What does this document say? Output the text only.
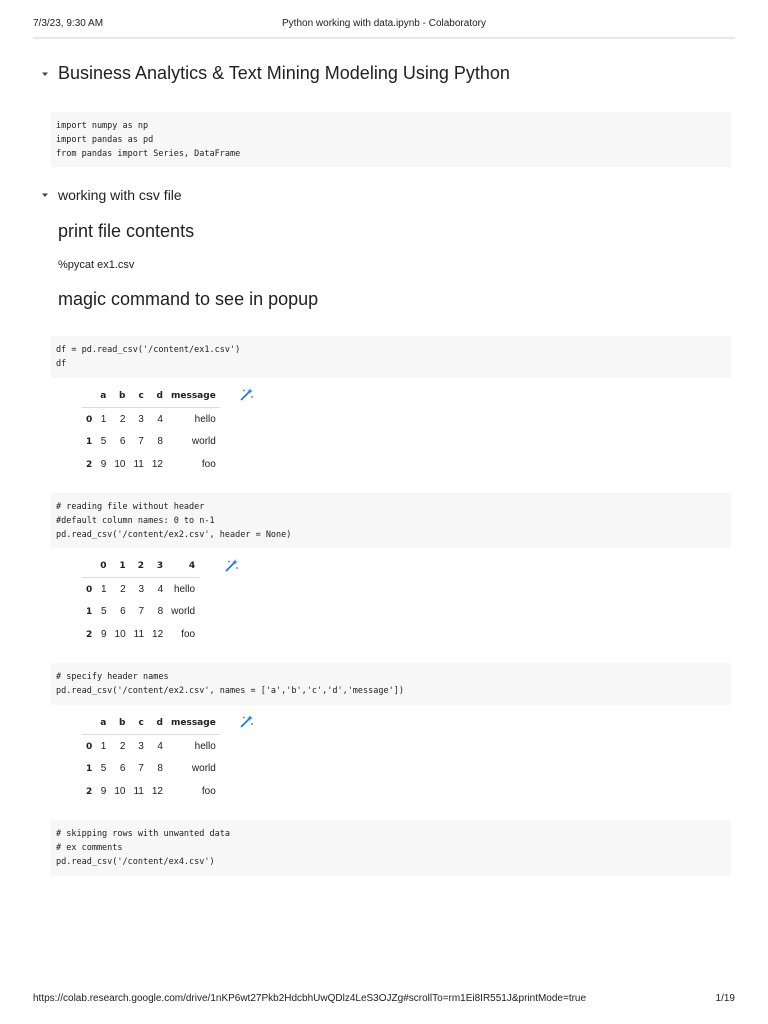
7/3/23, 9:30 AM	Python working with data.ipynb - Colaboratory
Business Analytics & Text Mining Modeling Using Python
import numpy as np
import pandas as pd
from pandas import Series, DataFrame
working with csv file
print file contents
%pycat ex1.csv
magic command to see in popup
df = pd.read_csv('/content/ex1.csv')
df
	a	b	c	d	message
0	1	2	3	4	hello
1	5	6	7	8	world
2	9	10	11	12	foo
# reading file without header
#default column names: 0 to n-1
pd.read_csv('/content/ex2.csv', header = None)
	0	1	2	3	4
0	1	2	3	4	hello
1	5	6	7	8	world
2	9	10	11	12	foo
# specify header names
pd.read_csv('/content/ex2.csv', names = ['a','b','c','d','message'])
	a	b	c	d	message
0	1	2	3	4	hello
1	5	6	7	8	world
2	9	10	11	12	foo
# skipping rows with unwanted data
# ex comments
pd.read_csv('/content/ex4.csv')
https://colab.research.google.com/drive/1nKP6wt27Pkb2HdcbhUwQDlz4LeS3OJZg#scrollTo=rm1Ei8IR551J&printMode=true	1/19
